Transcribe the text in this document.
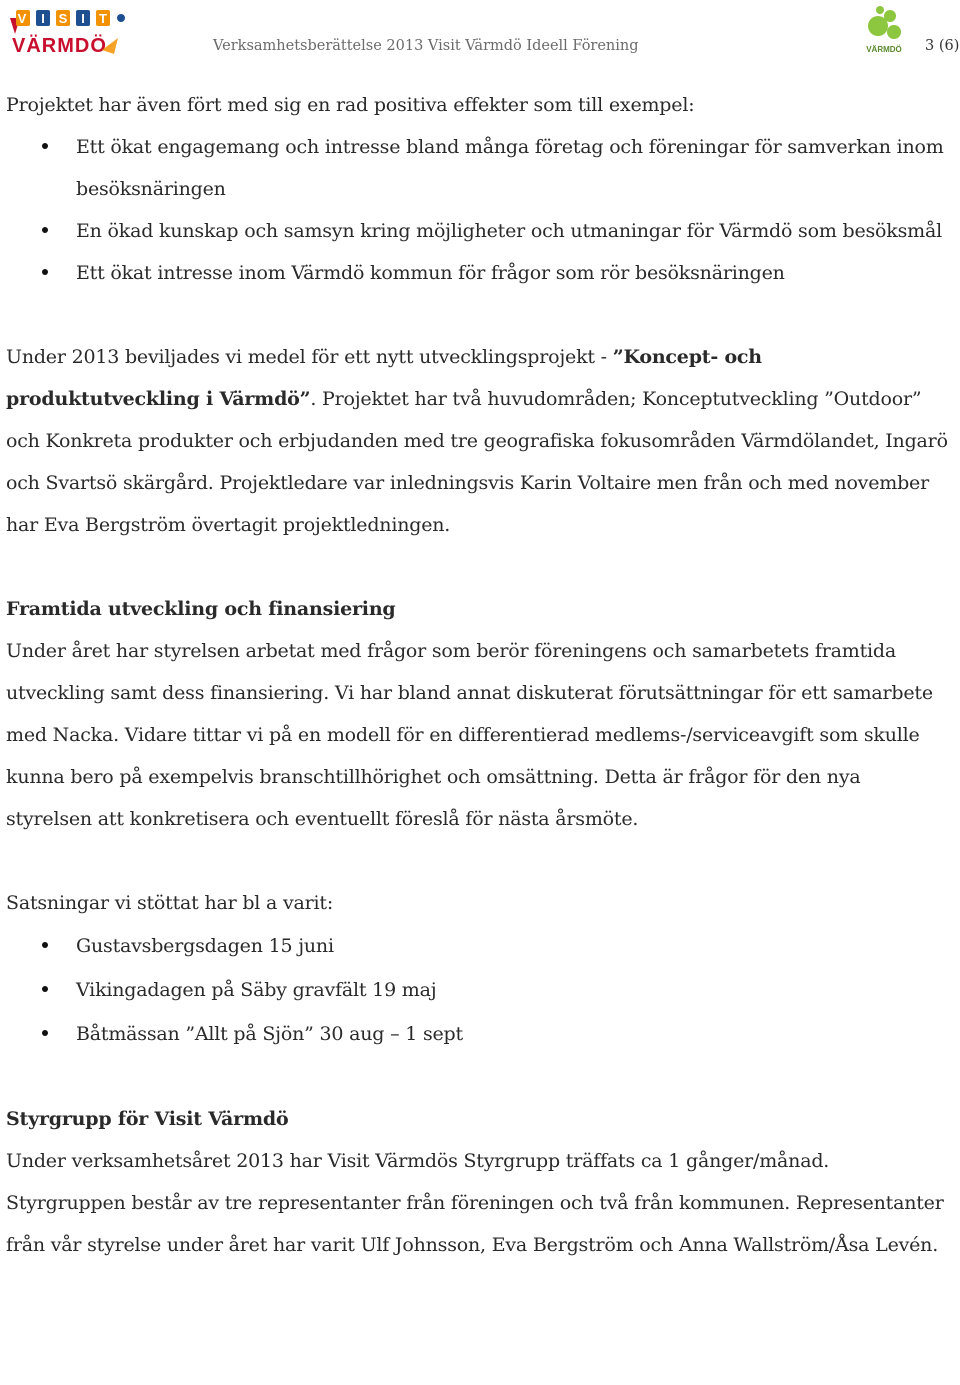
V I S I T
VÄRMDÖ	Verksamhetsberättelse 2013 Visit Värmdö Ideell Förening	VÄRMDÖ 3 (6)

Projektet har även fört med sig en rad positiva effekter som till exempel:

Ett ökat engagemang och intresse bland många företag och föreningar för samverkan inom besöksnäringen
En ökad kunskap och samsyn kring möjligheter och utmaningar för Värmdö som besöksmål
Ett ökat intresse inom Värmdö kommun för frågor som rör besöksnäringen

Under 2013 beviljades vi medel för ett nytt utvecklingsprojekt - ”Koncept- och produktutveckling i Värmdö”. Projektet har två huvudområden; Konceptutveckling ”Outdoor” och Konkreta produkter och erbjudanden med tre geografiska fokusområden Värmdölandet, Ingarö och Svartsö skärgård. Projektledare var inledningsvis Karin Voltaire men från och med november har Eva Bergström övertagit projektledningen.

Framtida utveckling och finansiering

Under året har styrelsen arbetat med frågor som berör föreningens och samarbetets framtida utveckling samt dess finansiering. Vi har bland annat diskuterat förutsättningar för ett samarbete med Nacka. Vidare tittar vi på en modell för en differentierad medlems-/serviceavgift som skulle kunna bero på exempelvis branschtillhörighet och omsättning. Detta är frågor för den nya styrelsen att konkretisera och eventuellt föreslå för nästa årsmöte.

Satsningar vi stöttat har bl a varit:

Gustavsbergsdagen 15 juni
Vikingadagen på Säby gravfält 19 maj
Båtmässan ”Allt på Sjön” 30 aug – 1 sept

Styrgrupp för Visit Värmdö

Under verksamhetsåret 2013 har Visit Värmdös Styrgrupp träffats ca 1 gånger/månad. Styrgruppen består av tre representanter från föreningen och två från kommunen. Representanter från vår styrelse under året har varit Ulf Johnsson, Eva Bergström och Anna Wallström/Åsa Levén.
